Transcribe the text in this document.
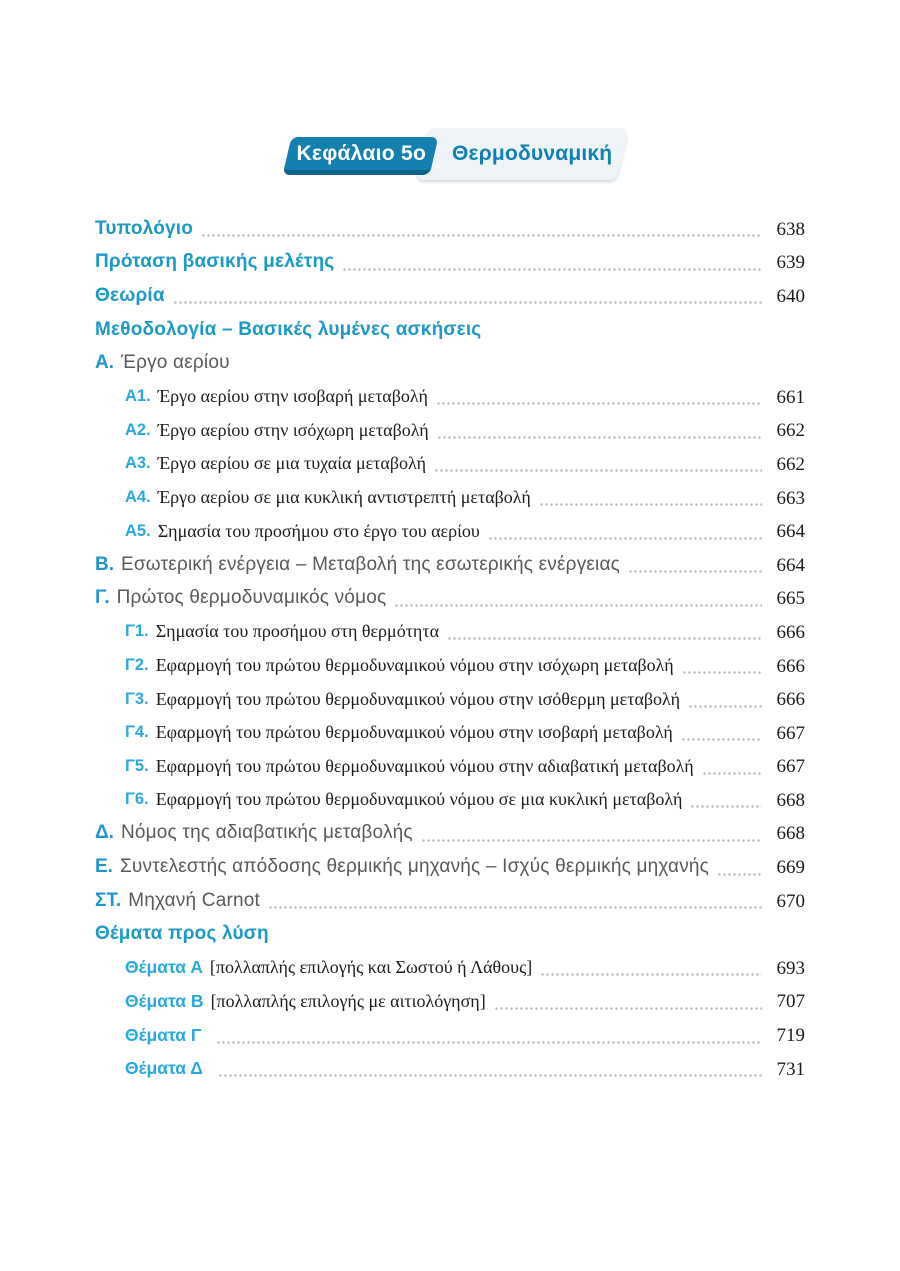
Θερμοδυναμική
Κεφάλαιο 5ο
Τυπολόγιο	638
Πρόταση βασικής μελέτης	639
Θεωρία	640
Μεθοδολογία – Βασικές λυμένες ασκήσεις
Α. Έργο αερίου
Α1. Έργο αερίου στην ισοβαρή μεταβολή	661
Α2. Έργο αερίου στην ισόχωρη μεταβολή	662
Α3. Έργο αερίου σε μια τυχαία μεταβολή	662
Α4. Έργο αερίου σε μια κυκλική αντιστρεπτή μεταβολή	663
Α5. Σημασία του προσήμου στο έργο του αερίου	664
Β. Εσωτερική ενέργεια – Μεταβολή της εσωτερικής ενέργειας	664
Γ. Πρώτος θερμοδυναμικός νόμος	665
Γ1. Σημασία του προσήμου στη θερμότητα	666
Γ2. Εφαρμογή του πρώτου θερμοδυναμικού νόμου στην ισόχωρη μεταβολή	666
Γ3. Εφαρμογή του πρώτου θερμοδυναμικού νόμου στην ισόθερμη μεταβολή	666
Γ4. Εφαρμογή του πρώτου θερμοδυναμικού νόμου στην ισοβαρή μεταβολή	667
Γ5. Εφαρμογή του πρώτου θερμοδυναμικού νόμου στην αδιαβατική μεταβολή	667
Γ6. Εφαρμογή του πρώτου θερμοδυναμικού νόμου σε μια κυκλική μεταβολή	668
Δ. Νόμος της αδιαβατικής μεταβολής	668
Ε. Συντελεστής απόδοσης θερμικής μηχανής – Ισχύς θερμικής μηχανής	669
ΣΤ. Μηχανή Carnot	670
Θέματα προς λύση
Θέματα Α [πολλαπλής επιλογής και Σωστού ή Λάθους]	693
Θέματα Β [πολλαπλής επιλογής με αιτιολόγηση]	707
Θέματα Γ	719
Θέματα Δ	731
